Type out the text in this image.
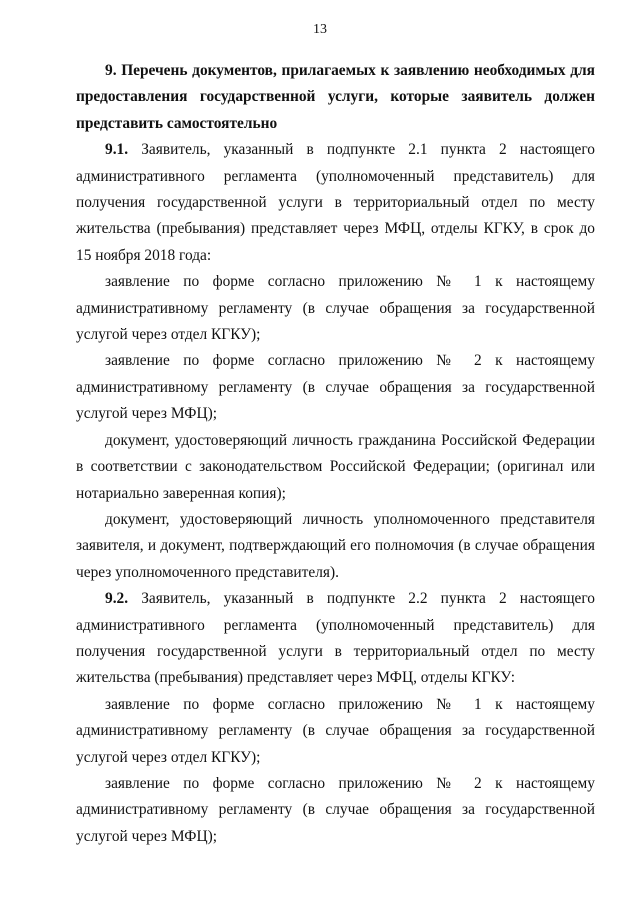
13

9. Перечень документов, прилагаемых к заявлению необходимых для предоставления государственной услуги, которые заявитель должен представить самостоятельно

9.1. Заявитель, указанный в подпункте 2.1 пункта 2 настоящего административного регламента (уполномоченный представитель) для получения государственной услуги в территориальный отдел по месту жительства (пребывания) представляет через МФЦ, отделы КГКУ, в срок до 15 ноября 2018 года:

заявление по форме согласно приложению № 1 к настоящему административному регламенту (в случае обращения за государственной услугой через отдел КГКУ);

заявление по форме согласно приложению № 2 к настоящему административному регламенту (в случае обращения за государственной услугой через МФЦ);

документ, удостоверяющий личность гражданина Российской Федерации в соответствии с законодательством Российской Федерации; (оригинал или нотариально заверенная копия);

документ, удостоверяющий личность уполномоченного представителя заявителя, и документ, подтверждающий его полномочия (в случае обращения через уполномоченного представителя).

9.2. Заявитель, указанный в подпункте 2.2 пункта 2 настоящего административного регламента (уполномоченный представитель) для получения государственной услуги в территориальный отдел по месту жительства (пребывания) представляет через МФЦ, отделы КГКУ:

заявление по форме согласно приложению № 1 к настоящему административному регламенту (в случае обращения за государственной услугой через отдел КГКУ);

заявление по форме согласно приложению № 2 к настоящему административному регламенту (в случае обращения за государственной услугой через МФЦ);
